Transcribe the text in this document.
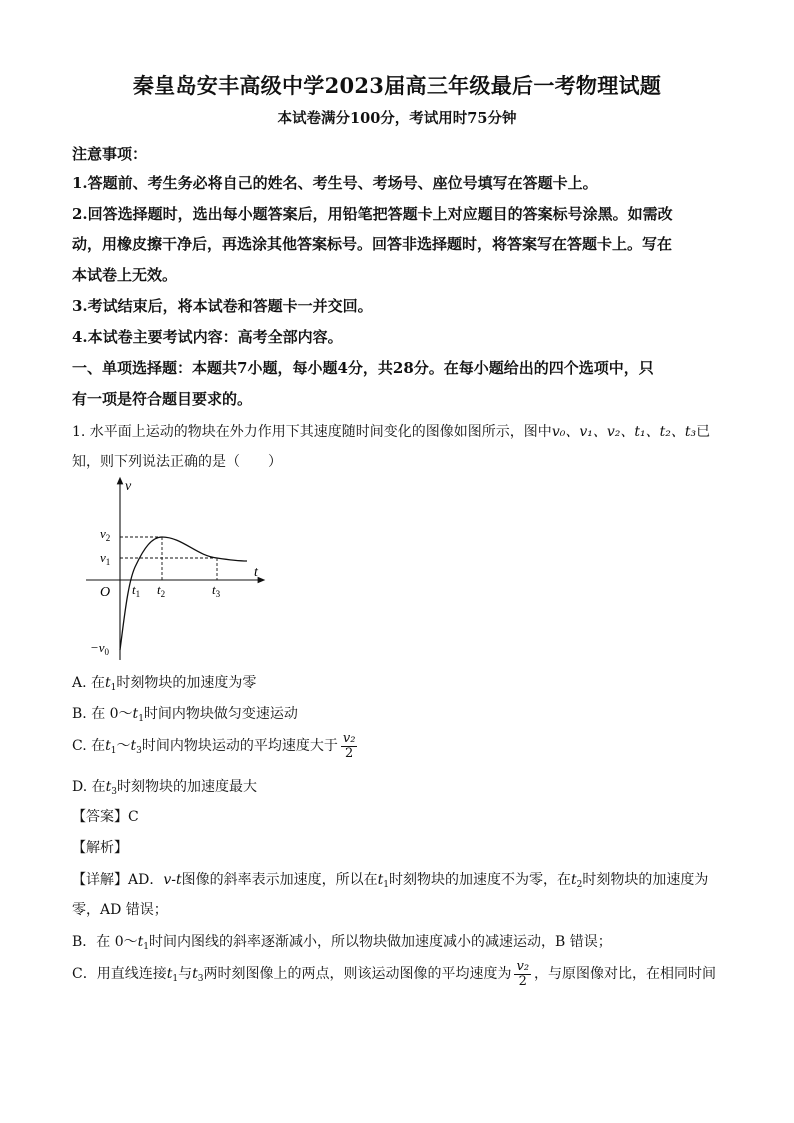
秦皇岛安丰高级中学2023届高三年级最后一考物理试题
本试卷满分100分，考试用时75分钟
注意事项：
1.答题前、考生务必将自己的姓名、考生号、考场号、座位号填写在答题卡上。
2.回答选择题时，选出每小题答案后，用铅笔把答题卡上对应题目的答案标号涂黑。如需改
动，用橡皮擦干净后，再选涂其他答案标号。回答非选择题时，将答案写在答题卡上。写在
本试卷上无效。
3.考试结束后，将本试卷和答题卡一并交回。
4.本试卷主要考试内容：高考全部内容。
一、单项选择题：本题共7小题，每小题4分，共28分。在每小题给出的四个选项中，只
有一项是符合题目要求的。
1. 水平面上运动的物块在外力作用下其速度随时间变化的图像如图所示，图中v₀、v₁、v₂、t₁、t₂、t₃已
知，则下列说法正确的是（　　）
v
t
O
$v_2$
$v_1$
$-v_0$
$t_1$ $t_2$	$t_3$
A. 在$t_1$时刻物块的加速度为零
B. 在 $0\sim t_1$时间内物块做匀变速运动
C. 在$t_1\sim t_3$时间内物块运动的平均速度大于 $\frac{\text{v₂}}{2}$
D. 在$t_3$时刻物块的加速度最大
【答案】C
【解析】
【详解】AD．v-t图像的斜率表示加速度，所以在$t_1$时刻物块的加速度不为零，在$t_2$时刻物块的加速度为
零，AD 错误；
B．在 $0\sim t_1$时间内图线的斜率逐渐减小，所以物块做加速度减小的减速运动，B 错误；
C．用直线连接$t_1$与$t_3$两时刻图像上的两点，则该运动图像的平均速度为 $\frac{\text{v₂}}{2}$ ，与原图像对比，在相同时间
